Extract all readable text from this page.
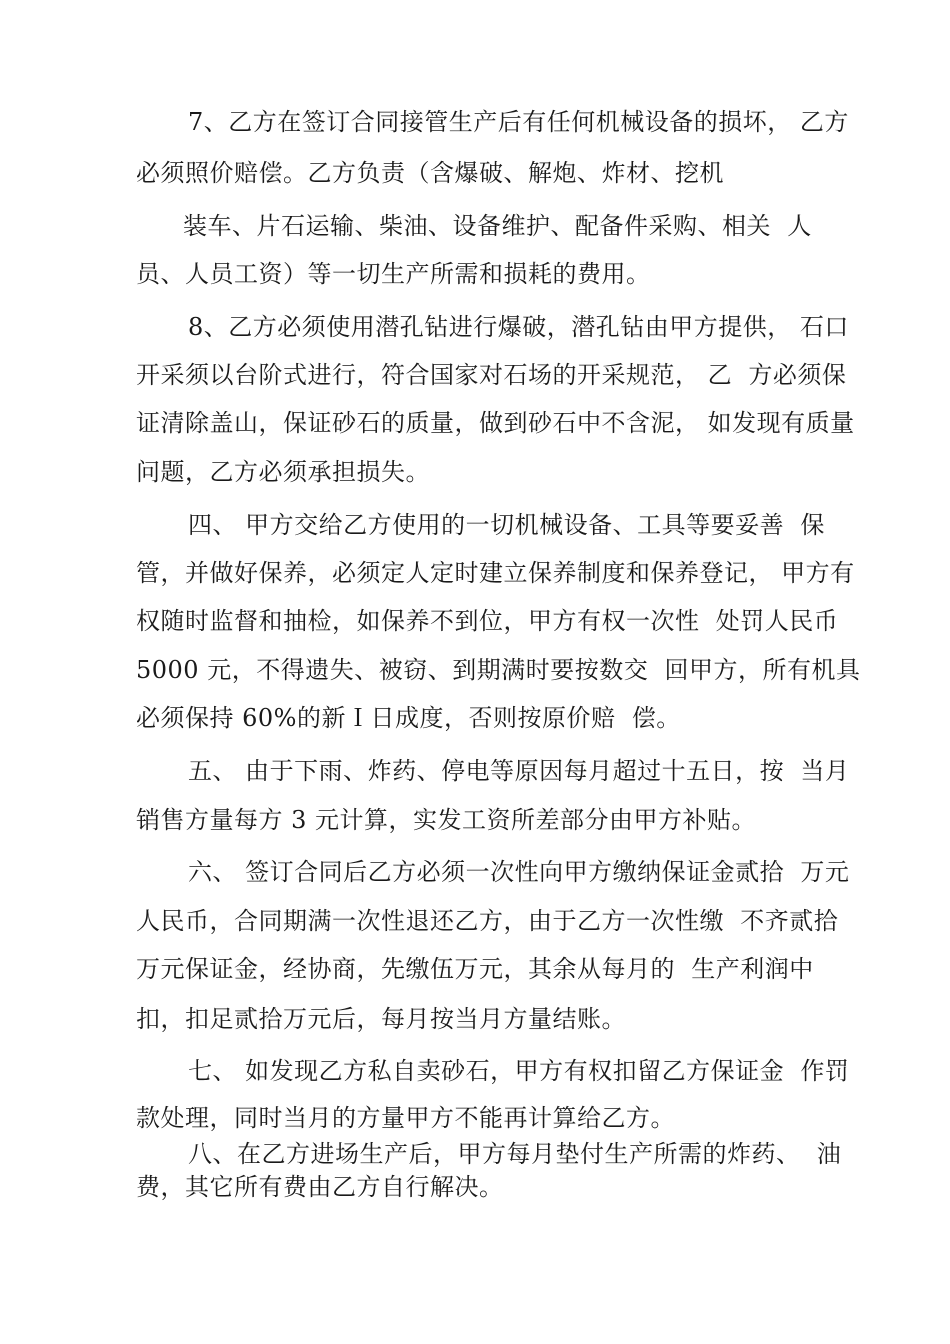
7、乙方在签订合同接管生产后有任何机械设备的损坏， 乙方
必须照价赔偿。乙方负责（含爆破、解炮、炸材、挖机
装车、片石运输、柴油、设备维护、配备件采购、相关  人
员、人员工资）等一切生产所需和损耗的费用。
8、乙方必须使用潜孔钻进行爆破，潜孔钻由甲方提供， 石口
开采须以台阶式进行，符合国家对石场的开采规范， 乙  方必须保
证清除盖山，保证砂石的质量，做到砂石中不含泥， 如发现有质量
问题，乙方必须承担损失。
四、 甲方交给乙方使用的一切机械设备、工具等要妥善  保
管，并做好保养，必须定人定时建立保养制度和保养登记， 甲方有
权随时监督和抽检，如保养不到位，甲方有权一次性  处罚人民币
5000 元，不得遗失、被窃、到期满时要按数交  回甲方，所有机具
必须保持 60%的新Ｉ日成度，否则按原价赔  偿。
五、 由于下雨、炸药、停电等原因每月超过十五日，按  当月
销售方量每方 3 元计算，实发工资所差部分由甲方补贴。
六、 签订合同后乙方必须一次性向甲方缴纳保证金贰拾  万元
人民币，合同期满一次性退还乙方，由于乙方一次性缴  不齐贰拾
万元保证金，经协商，先缴伍万元，其余从每月的  生产利润中
扣，扣足贰拾万元后，每月按当月方量结账。
七、 如发现乙方私自卖砂石，甲方有权扣留乙方保证金  作罚
款处理，同时当月的方量甲方不能再计算给乙方。
八、在乙方进场生产后，甲方每月垫付生产所需的炸药、  油
费，其它所有费由乙方自行解决。
